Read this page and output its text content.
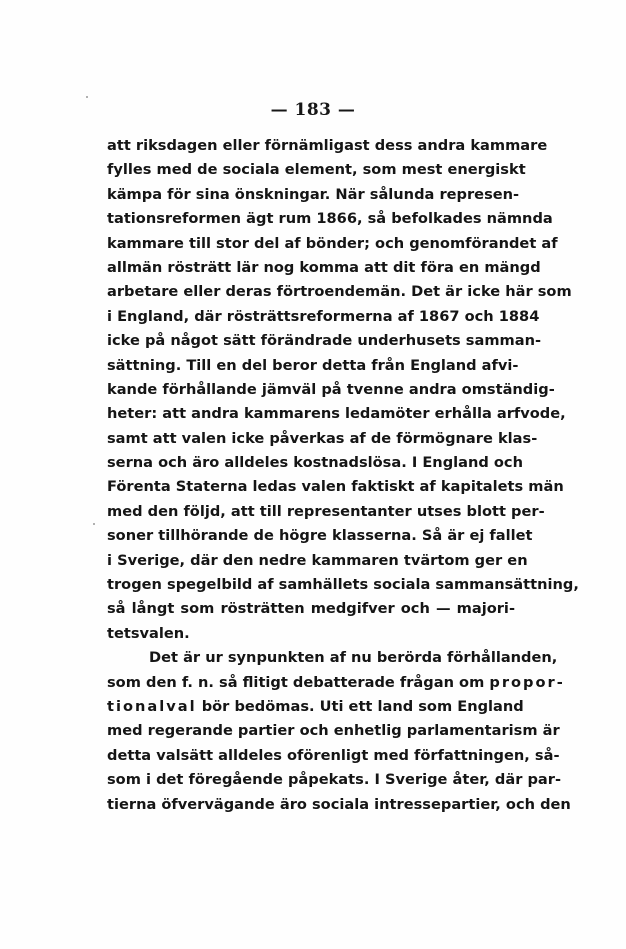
— 183 —
att riksdagen eller förnämligast dess andra kammare
fylles med de sociala element, som mest energiskt
kämpa för sina önskningar. När sålunda represen-
tationsreformen ägt rum 1866, så befolkades nämnda
kammare till stor del af bönder; och genomförandet af
allmän rösträtt lär nog komma att dit föra en mängd
arbetare eller deras förtroendemän. Det är icke här som
i England, där rösträttsreformerna af 1867 och 1884
icke på något sätt förändrade underhusets samman-
sättning. Till en del beror detta från England afvi-
kande förhållande jämväl på tvenne andra omständig-
heter: att andra kammarens ledamöter erhålla arfvode,
samt att valen icke påverkas af de förmögnare klas-
serna och äro alldeles kostnadslösa. I England och
Förenta Staterna ledas valen faktiskt af kapitalets män
med den följd, att till representanter utses blott per-
soner tillhörande de högre klasserna. Så är ej fallet
i Sverige, där den nedre kammaren tvärtom ger en
trogen spegelbild af samhällets sociala sammansättning,
så långt som rösträtten medgifver och — majori-
tetsvalen.
Det är ur synpunkten af nu berörda förhållanden,
som den f. n. så flitigt debatterade frågan om propor-
tionalval bör bedömas. Uti ett land som England
med regerande partier och enhetlig parlamentarism är
detta valsätt alldeles oförenligt med författningen, så-
som i det föregående påpekats. I Sverige åter, där par-
tierna öfvervägande äro sociala intressepartier, och den
